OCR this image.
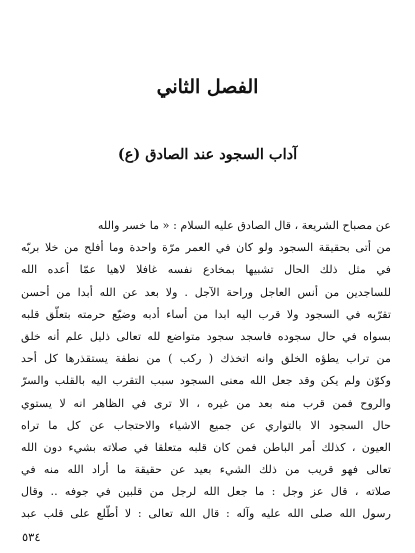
الفصل الثاني
آداب السجود عند الصادق (ع)
عن مصباح الشريعة ، قال الصادق عليه السلام : « ما خسر والله
من أتى بحقيقة السجود ولو كان في العمر مرّة واحدة وما أفلح من خلا بربّه
في مثل ذلك الحال تشبيها بمخادع نفسه غافلا لاهيا عمّا أعده الله
للساجدين من أنس العاجل وراحة الآجل . ولا بعد عن الله أبدا من أحسن
تقرّبه في السجود ولا قرب اليه ابدا من أساء أدبه وضيّع حرمته بتعلّق قلبه
بسواه في حال سجوده فاسجد سجود متواضع لله تعالى ذليل علم أنه خلق
من تراب يطؤه الخلق وانه اتخذك ( ركب ) من نطفة يستقذرها كل أحد
وكوّن ولم يكن وقد جعل الله معنى السجود سبب التقرب اليه بالقلب والسرّ
والروح فمن قرب منه بعد من غيره ، الا ترى في الظاهر انه لا يستوي
حال السجود الا بالتواري عن جميع الاشياء والاحتجاب عن كل ما تراه
العيون ، كذلك أمر الباطن فمن كان قلبه متعلقا في صلاته بشيء دون الله
تعالى فهو قريب من ذلك الشيء بعيد عن حقيقة ما أراد الله منه في
صلاته ، قال عز وجل : ما جعل الله لرجل من قلبين في جوفه .. وقال
رسول الله صلى الله عليه وآله : قال الله تعالى : لا أطّلع على قلب عبد
٥٣٤
